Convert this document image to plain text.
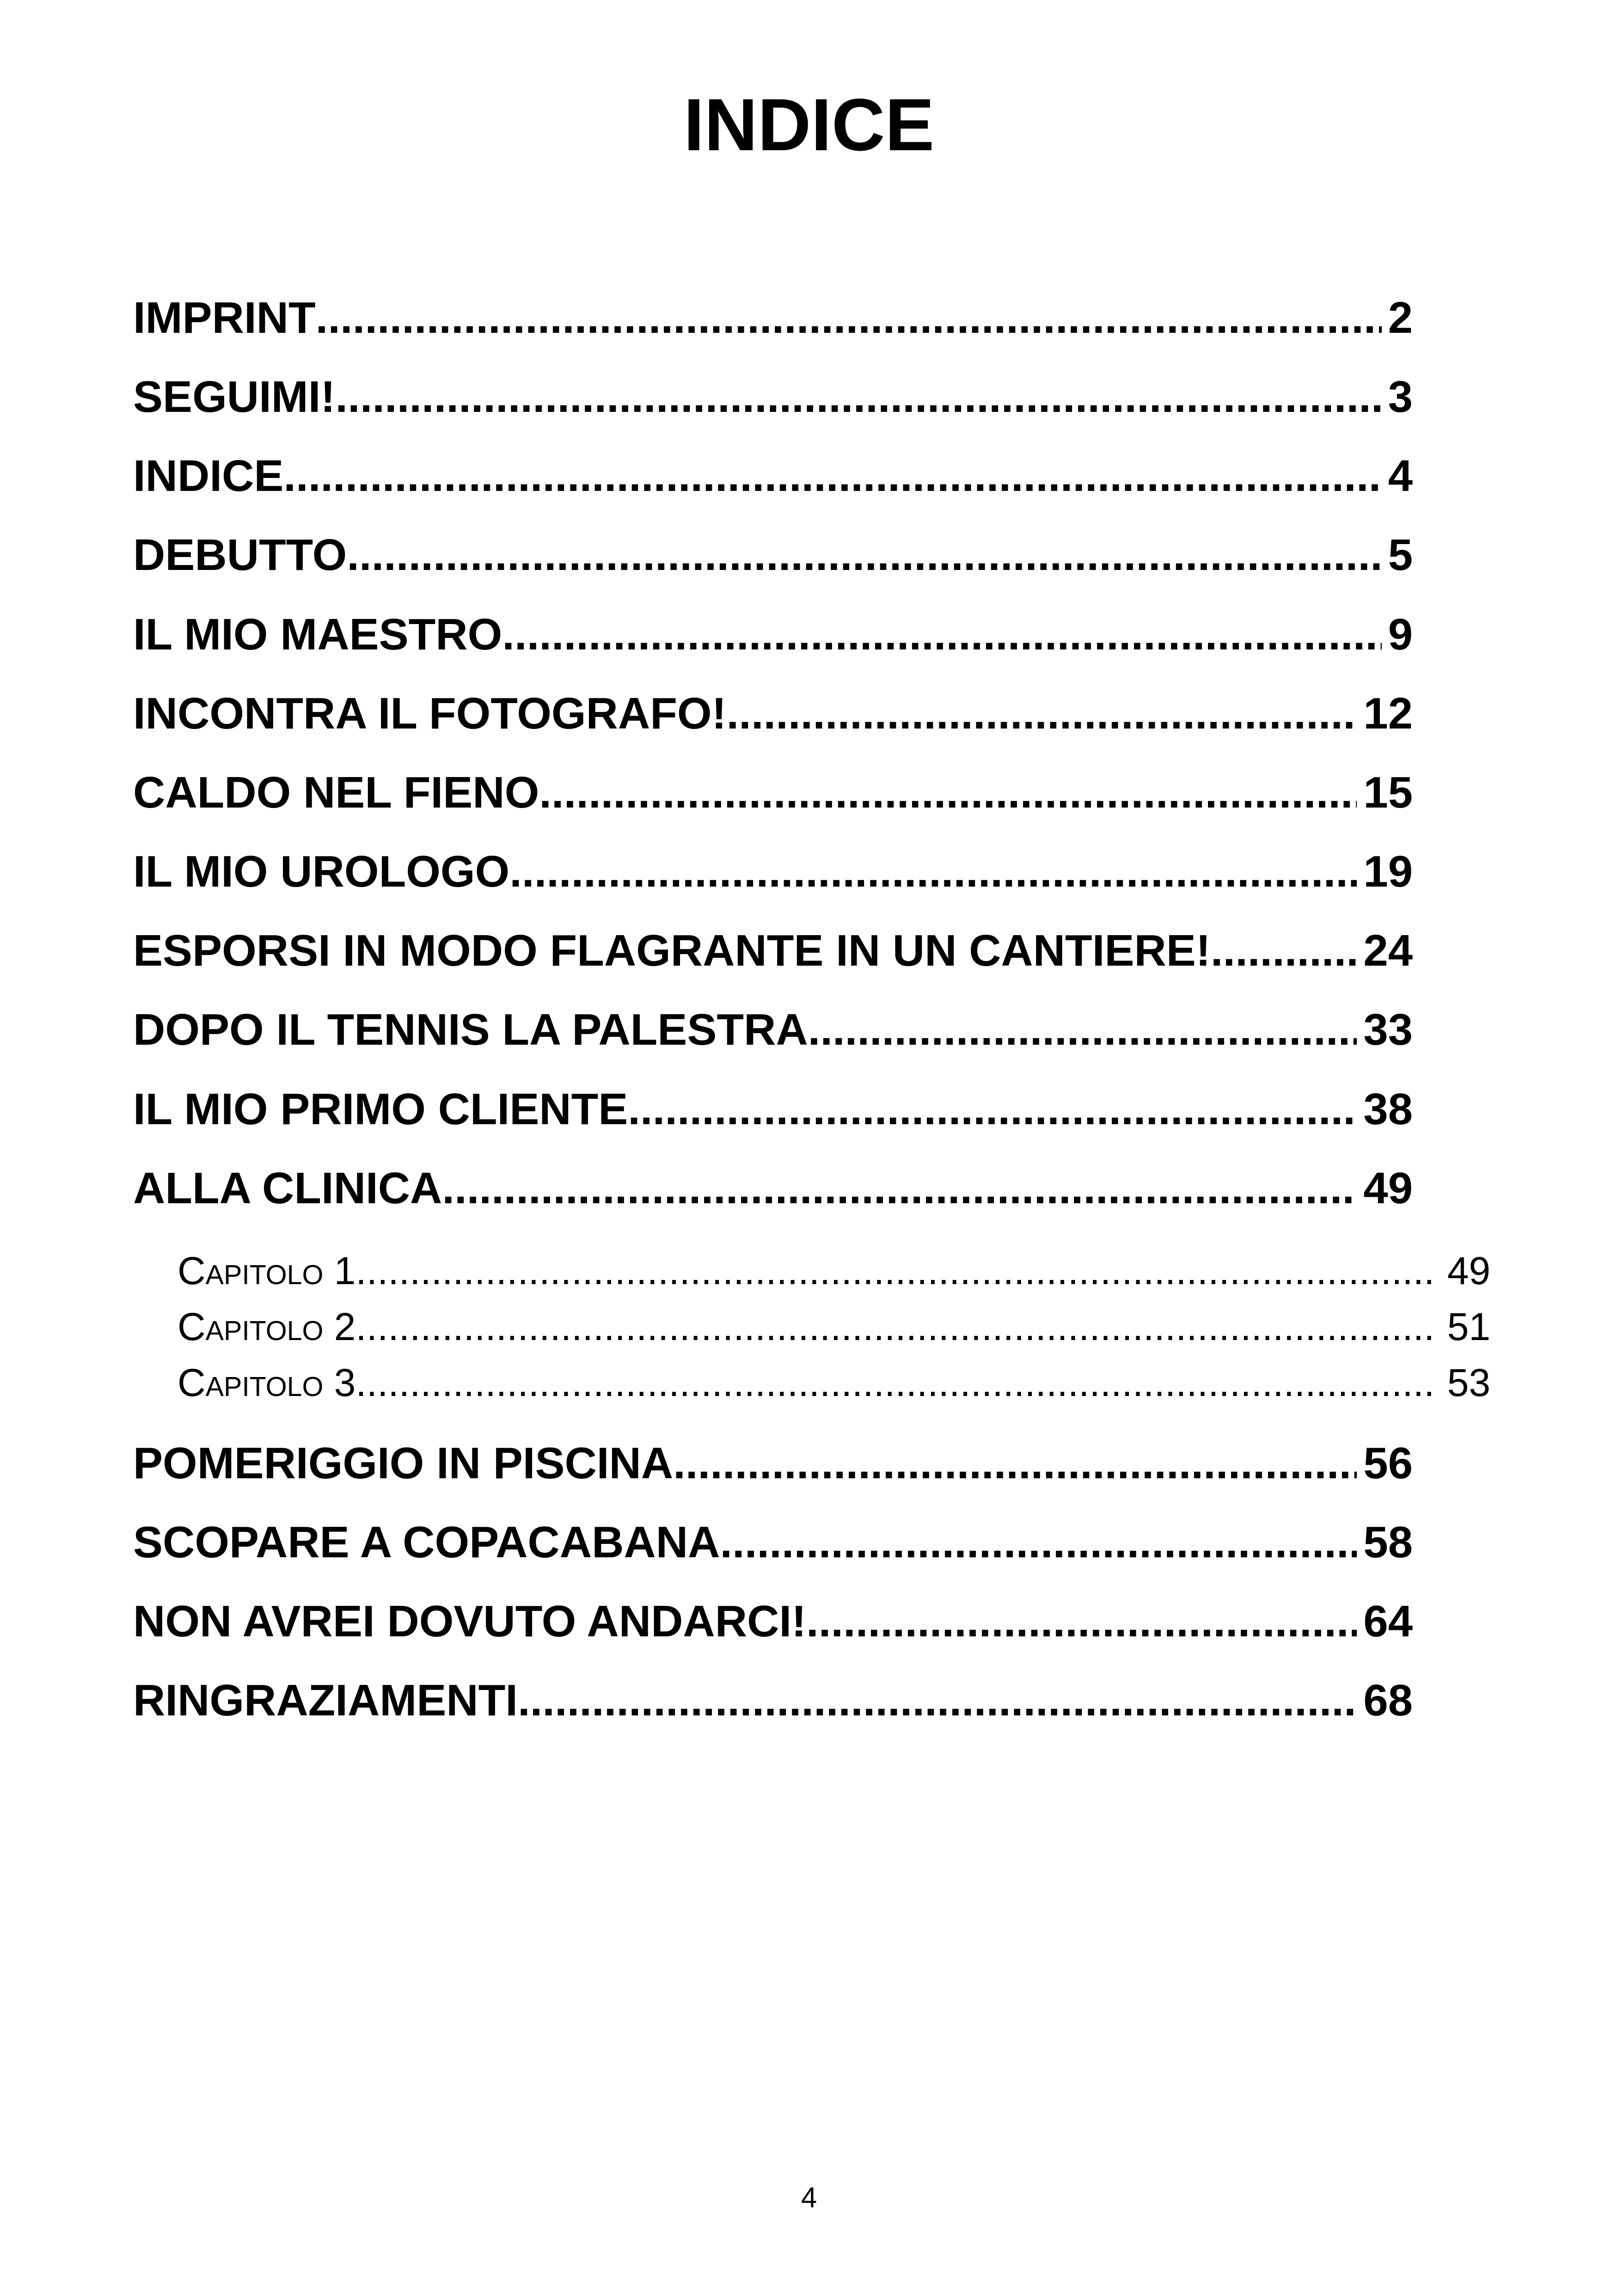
INDICE
IMPRINT .....	2
SEGUIMI! .....	3
INDICE .....	4
DEBUTTO .....	5
IL MIO MAESTRO .....	9
INCONTRA IL FOTOGRAFO! .....	12
CALDO NEL FIENO .....	15
IL MIO UROLOGO .....	19
ESPORSI IN MODO FLAGRANTE IN UN CANTIERE! .....	24
DOPO IL TENNIS LA PALESTRA .....	33
IL MIO PRIMO CLIENTE .....	38
ALLA CLINICA... .....	49
Capitolo 1 .....	49
Capitolo 2 .....	51
Capitolo 3 .....	53
POMERIGGIO IN PISCINA .....	56
SCOPARE A COPACABANA .....	58
NON AVREI DOVUTO ANDARCI! .....	64
RINGRAZIAMENTI .....	68
4
